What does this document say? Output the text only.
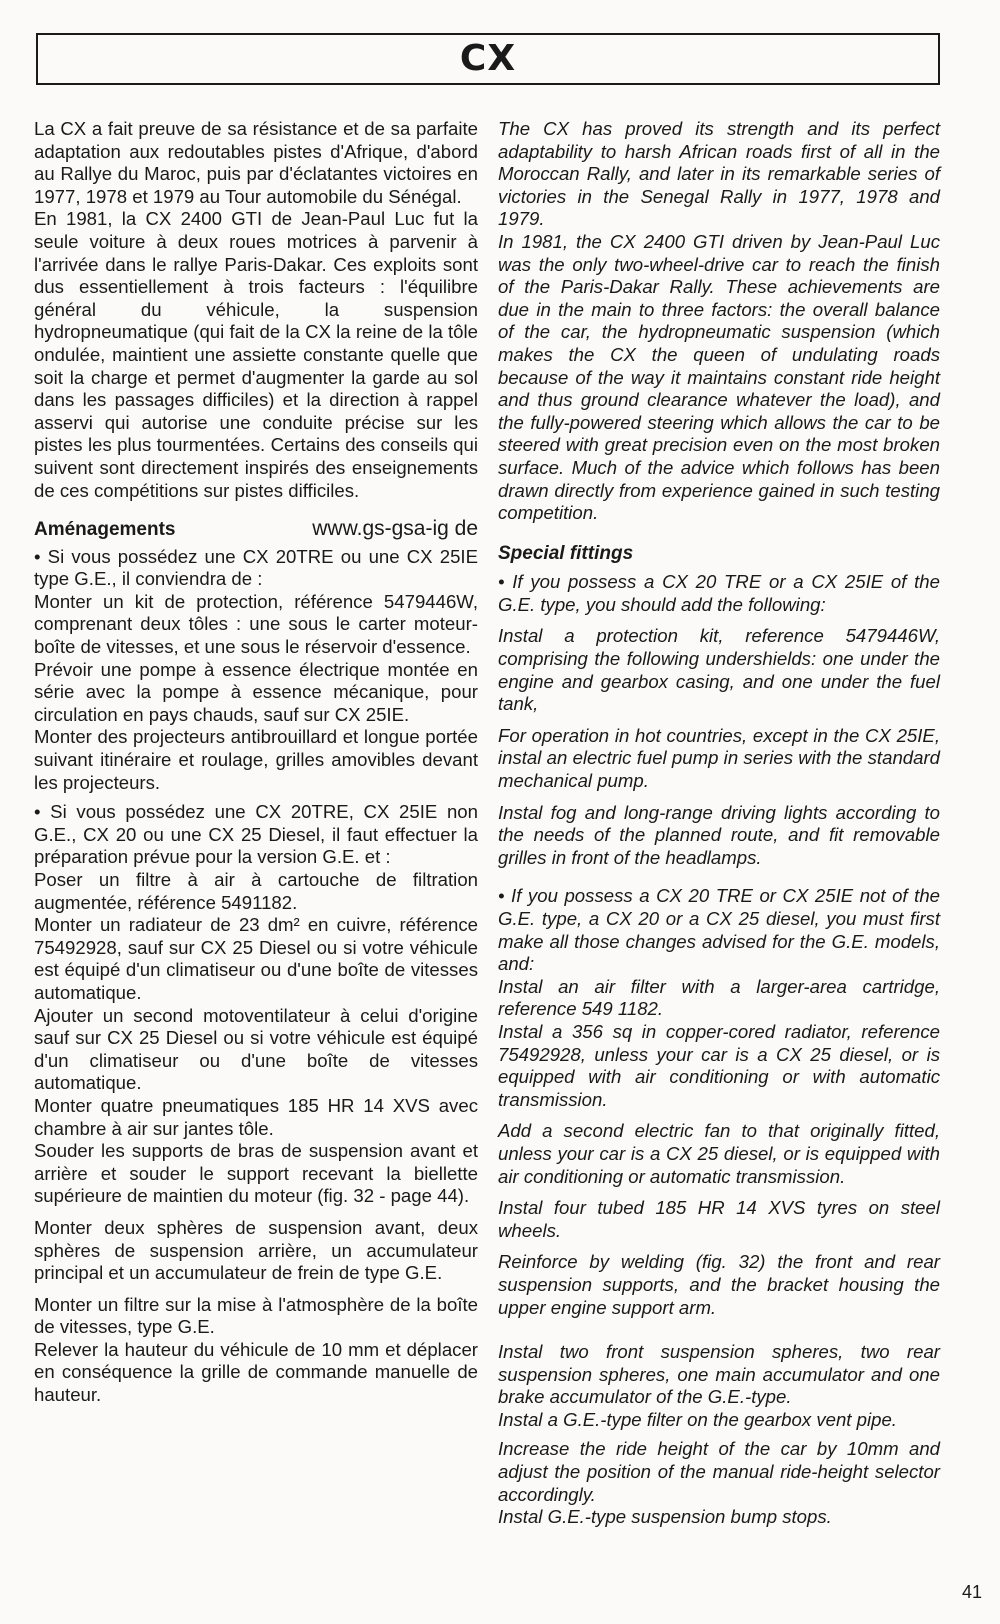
CX

La CX a fait preuve de sa résistance et de sa parfaite adaptation aux redoutables pistes d'Afrique, d'abord au Rallye du Maroc, puis par d'éclatantes victoires en 1977, 1978 et 1979 au Tour automobile du Sénégal.

En 1981, la CX 2400 GTI de Jean-Paul Luc fut la seule voiture à deux roues motrices à parvenir à l'arrivée dans le rallye Paris-Dakar. Ces exploits sont dus essentiellement à trois facteurs : l'équilibre général du véhicule, la suspension hydropneumatique (qui fait de la CX la reine de la tôle ondulée, maintient une assiette constante quelle que soit la charge et permet d'augmenter la garde au sol dans les passages difficiles) et la direction à rappel asservi qui autorise une conduite précise sur les pistes les plus tourmentées. Certains des conseils qui suivent sont directement inspirés des enseignements de ces compétitions sur pistes difficiles.

Aménagements	www.gs-gsa-ig de

• Si vous possédez une CX 20TRE ou une CX 25IE type G.E., il conviendra de :

Monter un kit de protection, référence 5479446W, comprenant deux tôles : une sous le carter moteur-boîte de vitesses, et une sous le réservoir d'essence.

Prévoir une pompe à essence électrique montée en série avec la pompe à essence mécanique, pour circulation en pays chauds, sauf sur CX 25IE.

Monter des projecteurs antibrouillard et longue portée suivant itinéraire et roulage, grilles amovibles devant les projecteurs.

• Si vous possédez une CX 20TRE, CX 25IE non G.E., CX 20 ou une CX 25 Diesel, il faut effectuer la préparation prévue pour la version G.E. et :

Poser un filtre à air à cartouche de filtration augmentée, référence 5491182.

Monter un radiateur de 23 dm² en cuivre, référence 75492928, sauf sur CX 25 Diesel ou si votre véhicule est équipé d'un climatiseur ou d'une boîte de vitesses automatique.

Ajouter un second motoventilateur à celui d'origine sauf sur CX 25 Diesel ou si votre véhicule est équipé d'un climatiseur ou d'une boîte de vitesses automatique.

Monter quatre pneumatiques 185 HR 14 XVS avec chambre à air sur jantes tôle.

Souder les supports de bras de suspension avant et arrière et souder le support recevant la biellette supérieure de maintien du moteur (fig. 32 - page 44).

Monter deux sphères de suspension avant, deux sphères de suspension arrière, un accumulateur principal et un accumulateur de frein de type G.E.

Monter un filtre sur la mise à l'atmosphère de la boîte de vitesses, type G.E.

Relever la hauteur du véhicule de 10 mm et déplacer en conséquence la grille de commande manuelle de hauteur.

The CX has proved its strength and its perfect adaptability to harsh African roads first of all in the Moroccan Rally, and later in its remarkable series of victories in the Senegal Rally in 1977, 1978 and 1979.

In 1981, the CX 2400 GTI driven by Jean-Paul Luc was the only two-wheel-drive car to reach the finish of the Paris-Dakar Rally. These achievements are due in the main to three factors: the overall balance of the car, the hydropneumatic suspension (which makes the CX the queen of undulating roads because of the way it maintains constant ride height and thus ground clearance whatever the load), and the fully-powered steering which allows the car to be steered with great precision even on the most broken surface. Much of the advice which follows has been drawn directly from experience gained in such testing competition.

Special fittings

• If you possess a CX 20 TRE or a CX 25IE of the G.E. type, you should add the following:

Instal a protection kit, reference 5479446W, comprising the following undershields: one under the engine and gearbox casing, and one under the fuel tank,

For operation in hot countries, except in the CX 25IE, instal an electric fuel pump in series with the standard mechanical pump.

Instal fog and long-range driving lights according to the needs of the planned route, and fit removable grilles in front of the headlamps.

• If you possess a CX 20 TRE or CX 25IE not of the G.E. type, a CX 20 or a CX 25 diesel, you must first make all those changes advised for the G.E. models, and:

Instal an air filter with a larger-area cartridge, reference 549 1182.

Instal a 356 sq in copper-cored radiator, reference 75492928, unless your car is a CX 25 diesel, or is equipped with air conditioning or with automatic transmission.

Add a second electric fan to that originally fitted, unless your car is a CX 25 diesel, or is equipped with air conditioning or automatic transmission.

Instal four tubed 185 HR 14 XVS tyres on steel wheels.

Reinforce by welding (fig. 32) the front and rear suspension supports, and the bracket housing the upper engine support arm.

Instal two front suspension spheres, two rear suspension spheres, one main accumulator and one brake accumulator of the G.E.-type.

Instal a G.E.-type filter on the gearbox vent pipe.

Increase the ride height of the car by 10mm and adjust the position of the manual ride-height selector accordingly.

Instal G.E.-type suspension bump stops.

41
